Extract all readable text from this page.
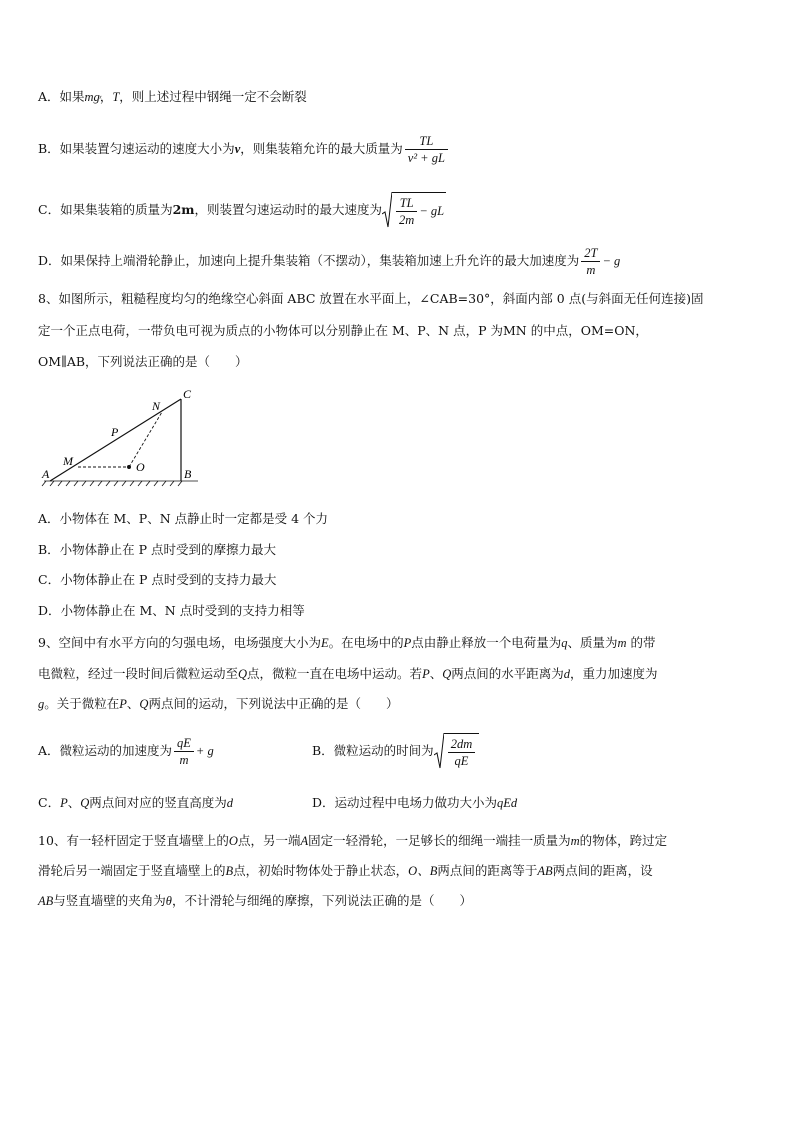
A．如果mg，T，则上述过程中钢绳一定不会断裂
B．如果装置匀速运动的速度大小为v，则集装箱允许的最大质量为 $\frac{TL}{\text{v² + gL}}$
C．如果集装箱的质量为2m，则装置匀速运动时的最大速度为 $\frac{TL}{2m}$ − gL
D．如果保持上端滑轮静止，加速向上提升集装箱（不摆动），集装箱加速上升允许的最大加速度为 $\frac{2T}{m} - g$
8、如图所示，粗糙程度均匀的绝缘空心斜面 ABC 放置在水平面上，∠CAB=30°，斜面内部 0 点(与斜面无任何连接)固
定一个正点电荷，一带负电可视为质点的小物体可以分别静止在 M、P、N 点，P 为MN 的中点，OM=ON，
OM∥AB，下列说法正确的是（　　）
A	B
C
M
N
P
O
A．小物体在 M、P、N 点静止时一定都是受 4 个力
B．小物体静止在 P 点时受到的摩擦力最大
C．小物体静止在 P 点时受到的支持力最大
D．小物体静止在 M、N 点时受到的支持力相等
9、空间中有水平方向的匀强电场，电场强度大小为E。在电场中的P点由静止释放一个电荷量为q、质量为m 的带
电微粒，经过一段时间后微粒运动至Q点，微粒一直在电场中运动。若P、Q两点间的水平距离为d，重力加速度为
g。关于微粒在P、Q两点间的运动，下列说法中正确的是（　　）
A．微粒运动的加速度为 $\frac{qE}{m} + g$	B．微粒运动的时间为 $\frac{2dm}{qE}$
C．P、Q两点间对应的竖直高度为d	D．运动过程中电场力做功大小为qEd
10、有一轻杆固定于竖直墙壁上的O点，另一端A固定一轻滑轮，一足够长的细绳一端挂一质量为m的物体，跨过定
滑轮后另一端固定于竖直墙壁上的B点，初始时物体处于静止状态，O、B两点间的距离等于AB两点间的距离，设
AB与竖直墙壁的夹角为θ，不计滑轮与细绳的摩擦，下列说法正确的是（　　）
